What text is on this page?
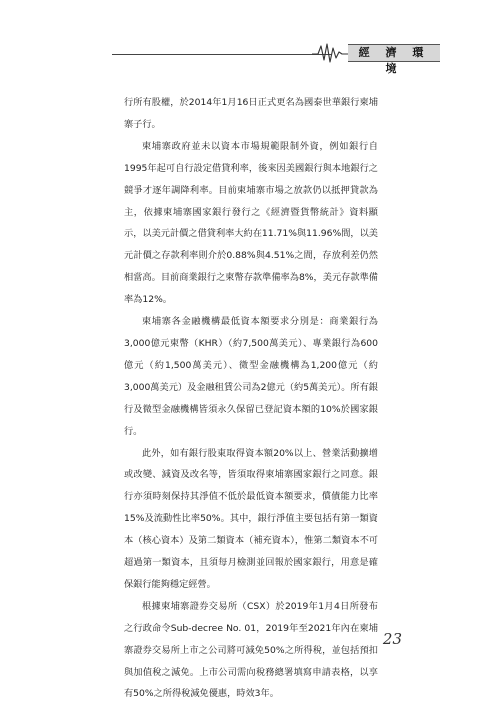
經 濟 環 境

行所有股權，於2014年1月16日正式更名為國泰世華銀行柬埔寨子行。

柬埔寨政府並未以資本市場規範限制外資，例如銀行自1995年起可自行設定借貸利率，後來因美國銀行與本地銀行之競爭才逐年調降利率。目前柬埔寨市場之放款仍以抵押貸款為主，依據柬埔寨國家銀行發行之《經濟暨貨幣統計》資料顯示，以美元計價之借貸利率大約在11.71%與11.96%間，以美元計價之存款利率則介於0.88%與4.51%之間，存放利差仍然相當高。目前商業銀行之柬幣存款準備率為8%，美元存款準備率為12%。

柬埔寨各金融機構最低資本額要求分別是：商業銀行為3,000億元柬幣（KHR）（約7,500萬美元）、專業銀行為600億元（約1,500萬美元）、微型金融機構為1,200億元（約3,000萬美元）及金融租賃公司為2億元（約5萬美元）。所有銀行及微型金融機構皆須永久保留已登記資本額的10%於國家銀行。

此外，如有銀行股東取得資本額20%以上、營業活動擴增或改變、減資及改名等，皆須取得柬埔寨國家銀行之同意。銀行亦須時刻保持其淨值不低於最低資本額要求，償債能力比率15%及流動性比率50%。其中，銀行淨值主要包括有第一類資本（核心資本）及第二類資本（補充資本），惟第二類資本不可超過第一類資本，且須每月檢測並回報於國家銀行，用意是確保銀行能夠穩定經營。

根據柬埔寨證券交易所（CSX）於2019年1月4日所發布之行政命令Sub-decree No. 01，2019年至2021年內在柬埔寨證券交易所上市之公司將可減免50%之所得稅，並包括預扣與加值稅之減免。上市公司需向稅務總署填寫申請表格，以享有50%之所得稅減免優惠，時效3年。

23
